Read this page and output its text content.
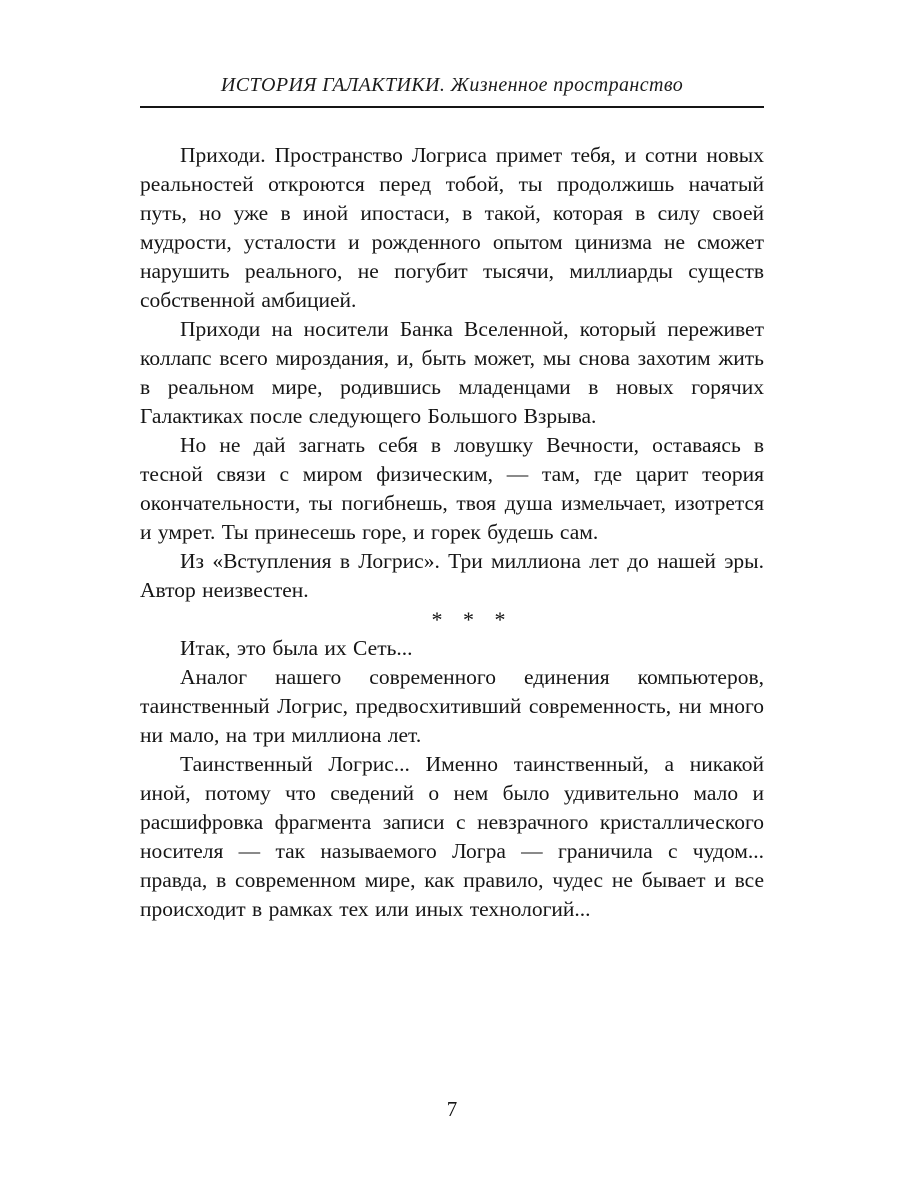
ИСТОРИЯ ГАЛАКТИКИ. Жизненное пространство

Приходи. Пространство Логриса примет тебя, и сотни новых реальностей откроются перед тобой, ты продолжишь начатый путь, но уже в иной ипостаси, в такой, которая в силу своей мудрости, усталости и рожденного опытом цинизма не сможет нарушить реального, не погубит тысячи, миллиарды существ собственной амбицией.

Приходи на носители Банка Вселенной, который переживет коллапс всего мироздания, и, быть может, мы снова захотим жить в реальном мире, родившись младенцами в новых горячих Галактиках после следующего Большого Взрыва.

Но не дай загнать себя в ловушку Вечности, оставаясь в тесной связи с миром физическим, — там, где царит теория окончательности, ты погибнешь, твоя душа измельчает, изотрется и умрет. Ты принесешь горе, и горек будешь сам.

Из «Вступления в Логрис». Три миллиона лет до нашей эры. Автор неизвестен.

* * *

Итак, это была их Сеть...

Аналог нашего современного единения компьютеров, таинственный Логрис, предвосхитивший современность, ни много ни мало, на три миллиона лет.

Таинственный Логрис... Именно таинственный, а никакой иной, потому что сведений о нем было удивительно мало и расшифровка фрагмента записи с невзрачного кристаллического носителя — так называемого Логра — граничила с чудом... правда, в современном мире, как правило, чудес не бывает и все происходит в рамках тех или иных технологий...

7
